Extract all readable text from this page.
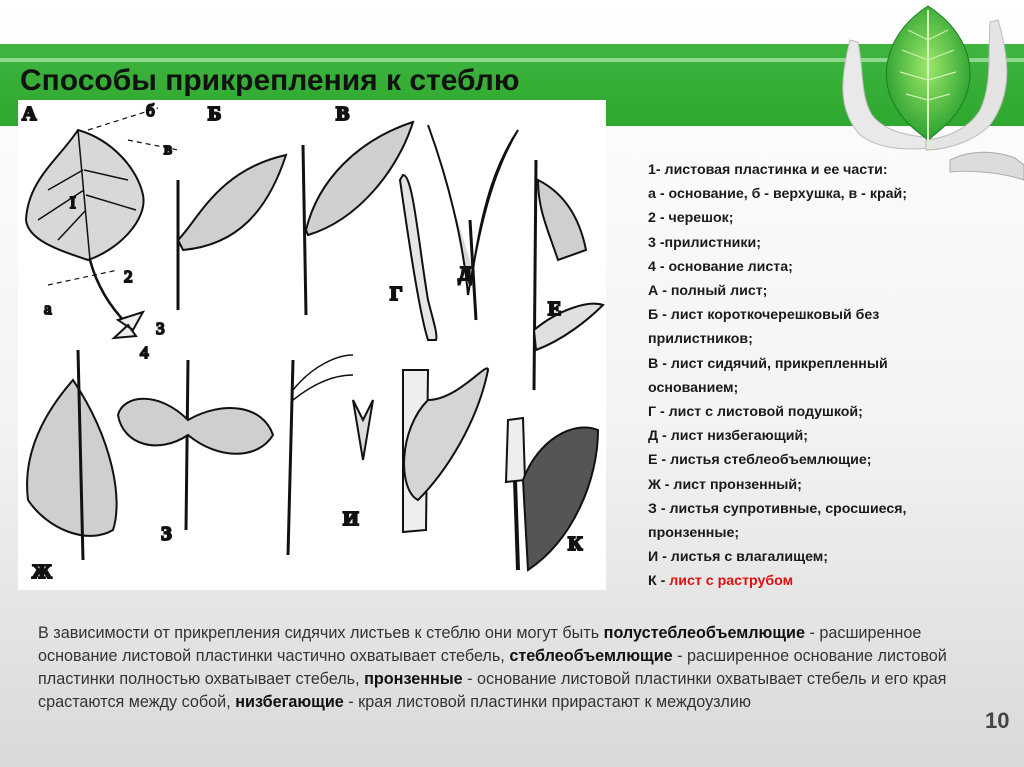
Способы прикрепления к стеблю
А	Б	В
Г
Д
Е
Ж
З
И
К
б
в
I
2
а
3
4
1- листовая пластинка и ее части:
а - основание, б - верхушка, в - край;
2 - черешок;
3 -прилистники;
4 - основание листа;
А - полный лист;
Б - лист короткочерешковый без
прилистников;
В - лист сидячий, прикрепленный
основанием;
Г - лист с листовой подушкой;
Д - лист низбегающий;
Е - листья стеблеобъемлющие;
Ж - лист пронзенный;
З - листья супротивные, сросшиеся,
пронзенные;
И - листья с влагалищем;
К - лист с раструбом
В зависимости от прикрепления сидячих листьев к стеблю они могут быть полустеблеобъемлющие - расширенное основание листовой пластинки частично охватывает стебель, стеблеобъемлющие - расширенное основание листовой пластинки полностью охватывает стебель, пронзенные - основание листовой пластинки охватывает стебель и его края срастаются между собой, низбегающие - края листовой пластинки прирастают к междоузлию
10
